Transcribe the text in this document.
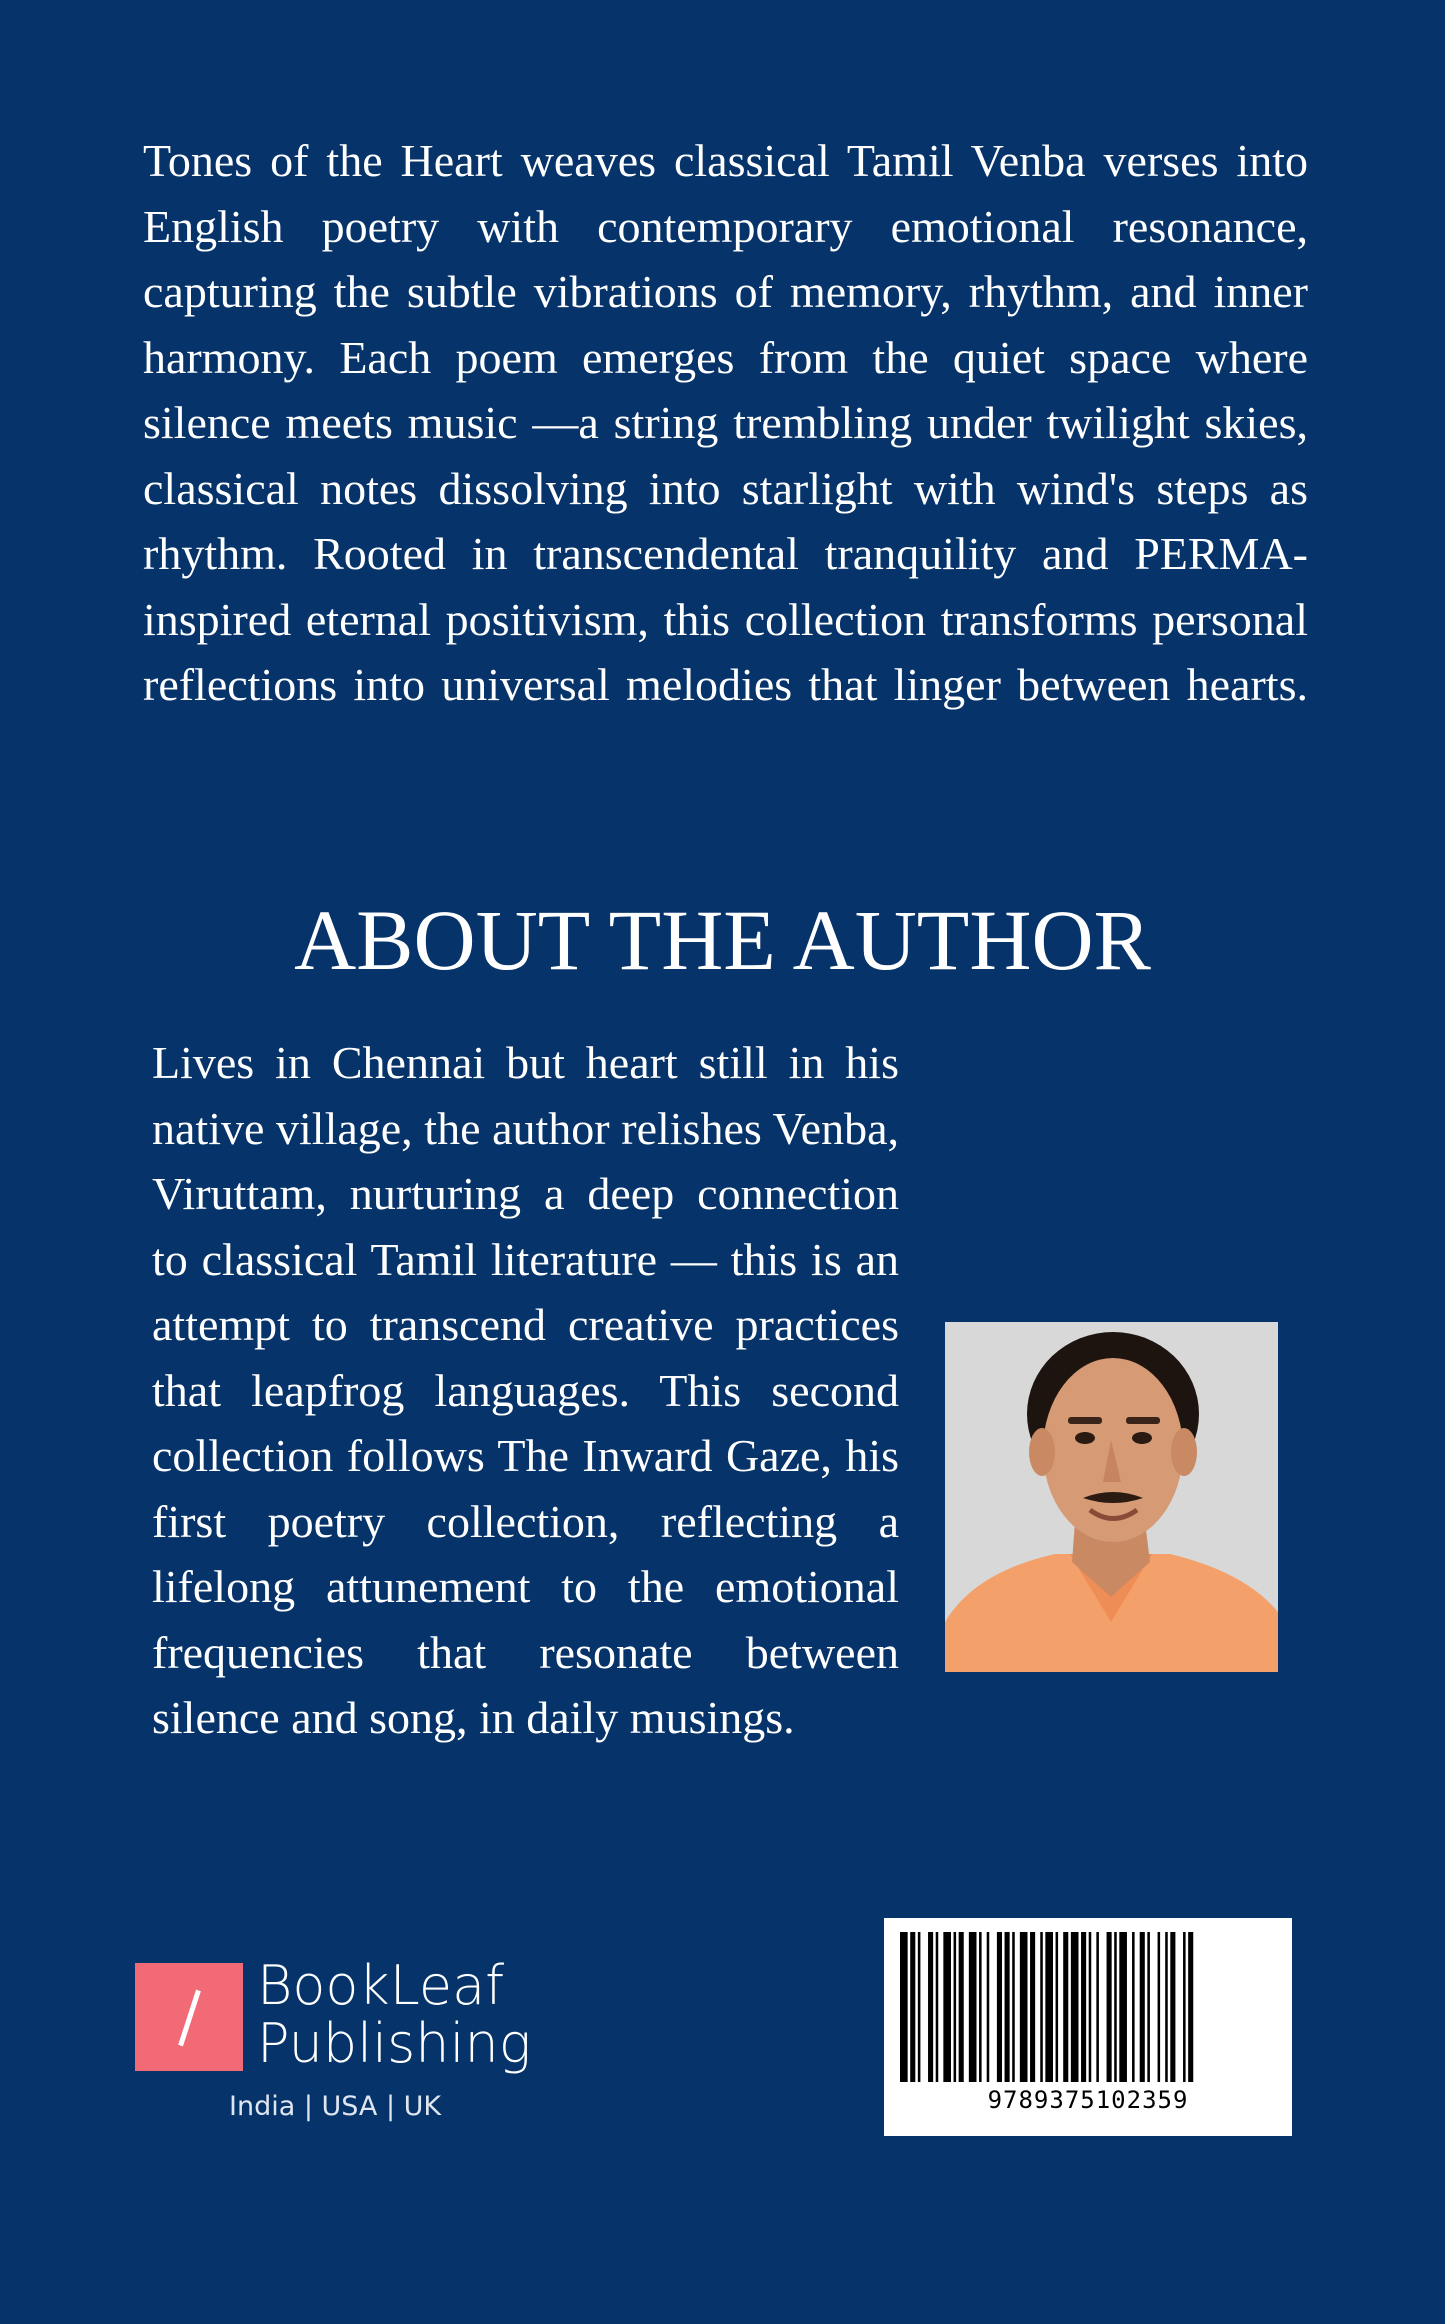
Tones of the Heart weaves classical Tamil Venba verses into English poetry with contemporary emotional resonance, capturing the subtle vibrations of memory, rhythm, and inner harmony. Each poem emerges from the quiet space where silence meets music —a string trembling under twilight skies, classical notes dissolving into starlight with wind's steps as rhythm. Rooted in transcendental tranquility and PERMA-inspired eternal positivism, this collection transforms personal reflections into universal melodies that linger between hearts.

ABOUT THE AUTHOR

Lives in Chennai but heart still in his native village, the author relishes Venba, Viruttam, nurturing a deep connection to classical Tamil literature — this is an attempt to transcend creative practices that leapfrog languages. This second collection follows The Inward Gaze, his first poetry collection, reflecting a lifelong attunement to the emotional frequencies that resonate between silence and song, in daily musings.

BookLeaf
Publishing
India | USA | UK	9789375102359
